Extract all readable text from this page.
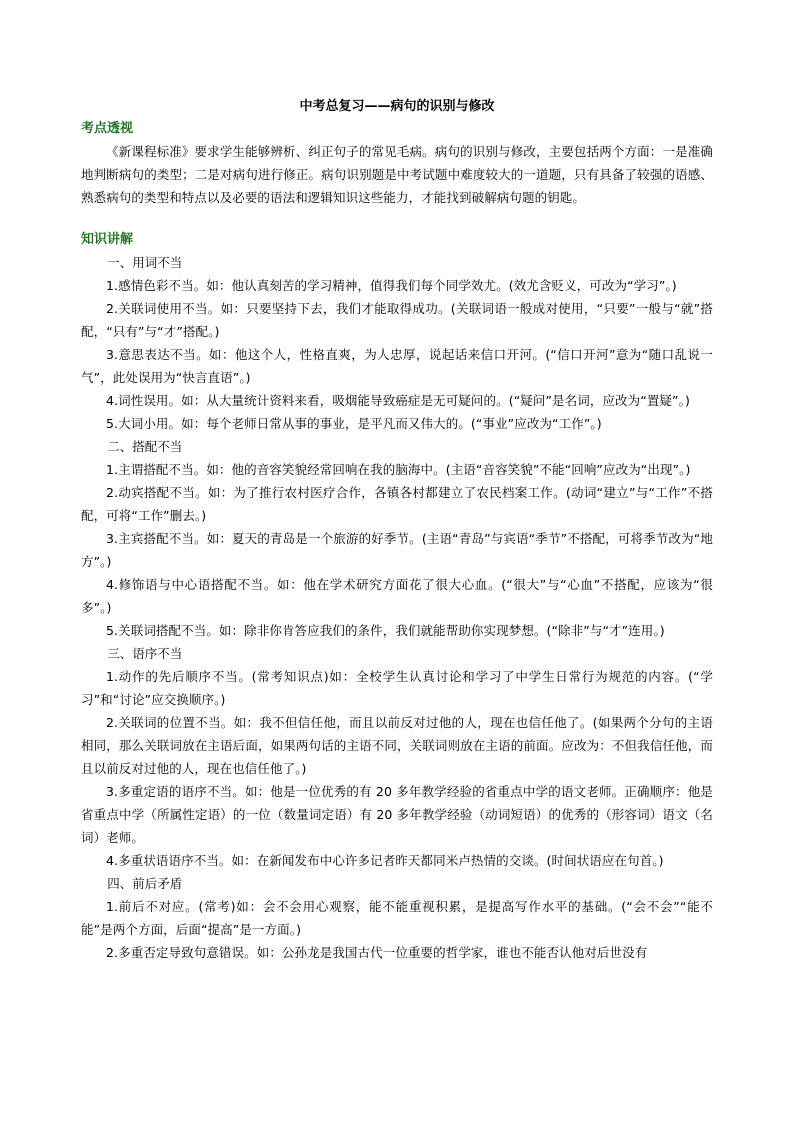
中考总复习——病句的识别与修改

考点透视

《新课程标准》要求学生能够辨析、纠正句子的常见毛病。病句的识别与修改，主要包括两个方面：一是准确地判断病句的类型；二是对病句进行修正。病句识别题是中考试题中难度较大的一道题，只有具备了较强的语感、熟悉病句的类型和特点以及必要的语法和逻辑知识这些能力，才能找到破解病句题的钥匙。

知识讲解

一、用词不当

1.感情色彩不当。如：他认真刻苦的学习精神，值得我们每个同学效尤。(效尤含贬义，可改为“学习”。)

2.关联词使用不当。如：只要坚持下去，我们才能取得成功。(关联词语一般成对使用，“只要”一般与“就”搭配，“只有”与“才”搭配。)

3.意思表达不当。如：他这个人，性格直爽，为人忠厚，说起话来信口开河。(“信口开河”意为“随口乱说一气”，此处误用为“快言直语”。)

4.词性误用。如：从大量统计资料来看，吸烟能导致癌症是无可疑问的。(“疑问”是名词，应改为“置疑”。)

5.大词小用。如：每个老师日常从事的事业，是平凡而又伟大的。(“事业”应改为“工作”。)

二、搭配不当

1.主谓搭配不当。如：他的音容笑貌经常回响在我的脑海中。(主语“音容笑貌”不能“回响”应改为“出现”。)

2.动宾搭配不当。如：为了推行农村医疗合作，各镇各村都建立了农民档案工作。(动词“建立”与“工作”不搭配，可将“工作”删去。)

3.主宾搭配不当。如：夏天的青岛是一个旅游的好季节。(主语“青岛”与宾语“季节”不搭配，可将季节改为“地方”。)

4.修饰语与中心语搭配不当。如：他在学术研究方面花了很大心血。(“很大”与“心血”不搭配，应该为“很多”。)

5.关联词搭配不当。如：除非你肯答应我们的条件，我们就能帮助你实现梦想。(“除非”与“才”连用。)

三、语序不当

1.动作的先后顺序不当。(常考知识点)如：全校学生认真讨论和学习了中学生日常行为规范的内容。(“学习”和“讨论”应交换顺序。)

2.关联词的位置不当。如：我不但信任他，而且以前反对过他的人，现在也信任他了。(如果两个分句的主语相同，那么关联词放在主语后面，如果两句话的主语不同，关联词则放在主语的前面。应改为：不但我信任他，而且以前反对过他的人，现在也信任他了。)

3.多重定语的语序不当。如：他是一位优秀的有 20 多年教学经验的省重点中学的语文老师。正确顺序：他是省重点中学（所属性定语）的一位（数量词定语）有 20 多年教学经验（动词短语）的优秀的（形容词）语文（名词）老师。

4.多重状语语序不当。如：在新闻发布中心许多记者昨天都同米卢热情的交谈。(时间状语应在句首。)

四、前后矛盾

1.前后不对应。(常考)如：会不会用心观察，能不能重视积累，是提高写作水平的基础。(“会不会”“能不能”是两个方面，后面“提高”是一方面。)

2.多重否定导致句意错误。如：公孙龙是我国古代一位重要的哲学家，谁也不能否认他对后世没有
